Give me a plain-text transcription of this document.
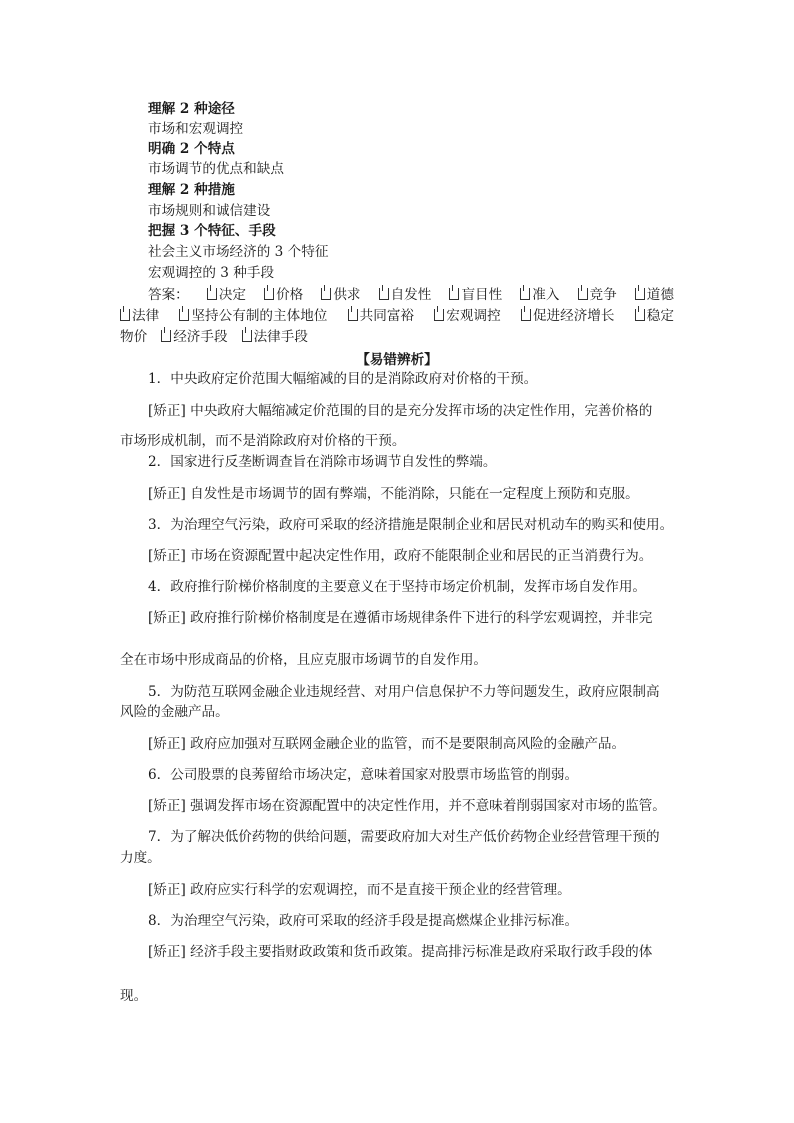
理解 2 种途径
市场和宏观调控
明确 2 个特点
市场调节的优点和缺点
理解 2 种措施
市场规则和诚信建设
把握 3 个特征、手段
社会主义市场经济的 3 个特征
宏观调控的 3 种手段
答案：	决定	价格	供求	自发性	盲目性	准入	竞争	道德
法律	坚持公有制的主体地位	共同富裕	宏观调控	促进经济增长	稳定
物价	经济手段	法律手段
【易错辨析】
1．中央政府定价范围大幅缩减的目的是消除政府对价格的干预。
[矫正] 中央政府大幅缩减定价范围的目的是充分发挥市场的决定性作用，完善价格的
市场形成机制，而不是消除政府对价格的干预。
2．国家进行反垄断调查旨在消除市场调节自发性的弊端。
[矫正] 自发性是市场调节的固有弊端，不能消除，只能在一定程度上预防和克服。
3．为治理空气污染，政府可采取的经济措施是限制企业和居民对机动车的购买和使用。
[矫正] 市场在资源配置中起决定性作用，政府不能限制企业和居民的正当消费行为。
4．政府推行阶梯价格制度的主要意义在于坚持市场定价机制，发挥市场自发作用。
[矫正] 政府推行阶梯价格制度是在遵循市场规律条件下进行的科学宏观调控，并非完
全在市场中形成商品的价格，且应克服市场调节的自发作用。
5．为防范互联网金融企业违规经营、对用户信息保护不力等问题发生，政府应限制高
风险的金融产品。
[矫正] 政府应加强对互联网金融企业的监管，而不是要限制高风险的金融产品。
6．公司股票的良莠留给市场决定，意味着国家对股票市场监管的削弱。
[矫正] 强调发挥市场在资源配置中的决定性作用，并不意味着削弱国家对市场的监管。
7．为了解决低价药物的供给问题，需要政府加大对生产低价药物企业经营管理干预的
力度。
[矫正] 政府应实行科学的宏观调控，而不是直接干预企业的经营管理。
8．为治理空气污染，政府可采取的经济手段是提高燃煤企业排污标准。
[矫正] 经济手段主要指财政政策和货币政策。提高排污标准是政府采取行政手段的体
现。
